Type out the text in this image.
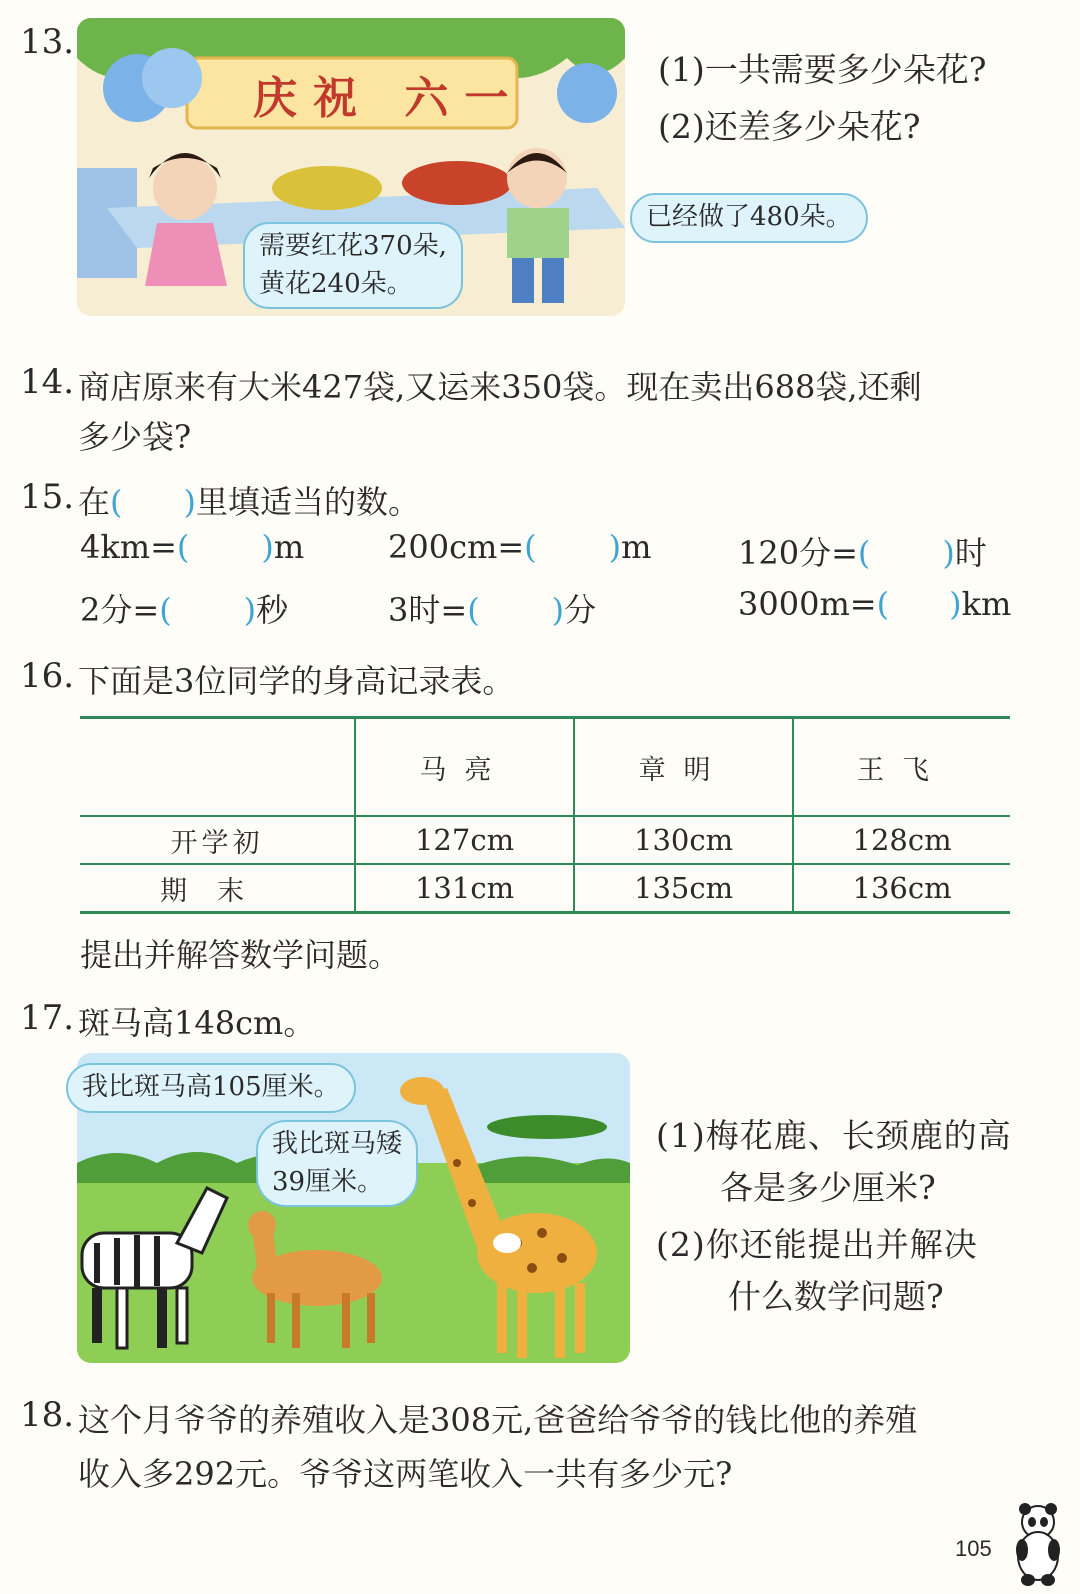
13.
庆祝 六一
需要红花370朵,
黄花240朵。
已经做了480朵。
(1)一共需要多少朵花?
(2)还差多少朵花?
14. 商店原来有大米427袋,又运来350袋。现在卖出688袋,还剩
多少袋?
15. 在(      )里填适当的数。
4km=( )m	200cm=( )m	120分=( )时
2分=( )秒	3时=( )分	3000m=( )km
16. 下面是3位同学的身高记录表。
	马亮	章明	王飞
开学初	127cm	130cm	128cm
期末	131cm	135cm	136cm
提出并解答数学问题。
17. 斑马高148cm。
我比斑马高105厘米。
我比斑马矮
39厘米。
(1)梅花鹿、长颈鹿的高
各是多少厘米?
(2)你还能提出并解决
什么数学问题?
18. 这个月爷爷的养殖收入是308元,爸爸给爷爷的钱比他的养殖
收入多292元。爷爷这两笔收入一共有多少元?
105
